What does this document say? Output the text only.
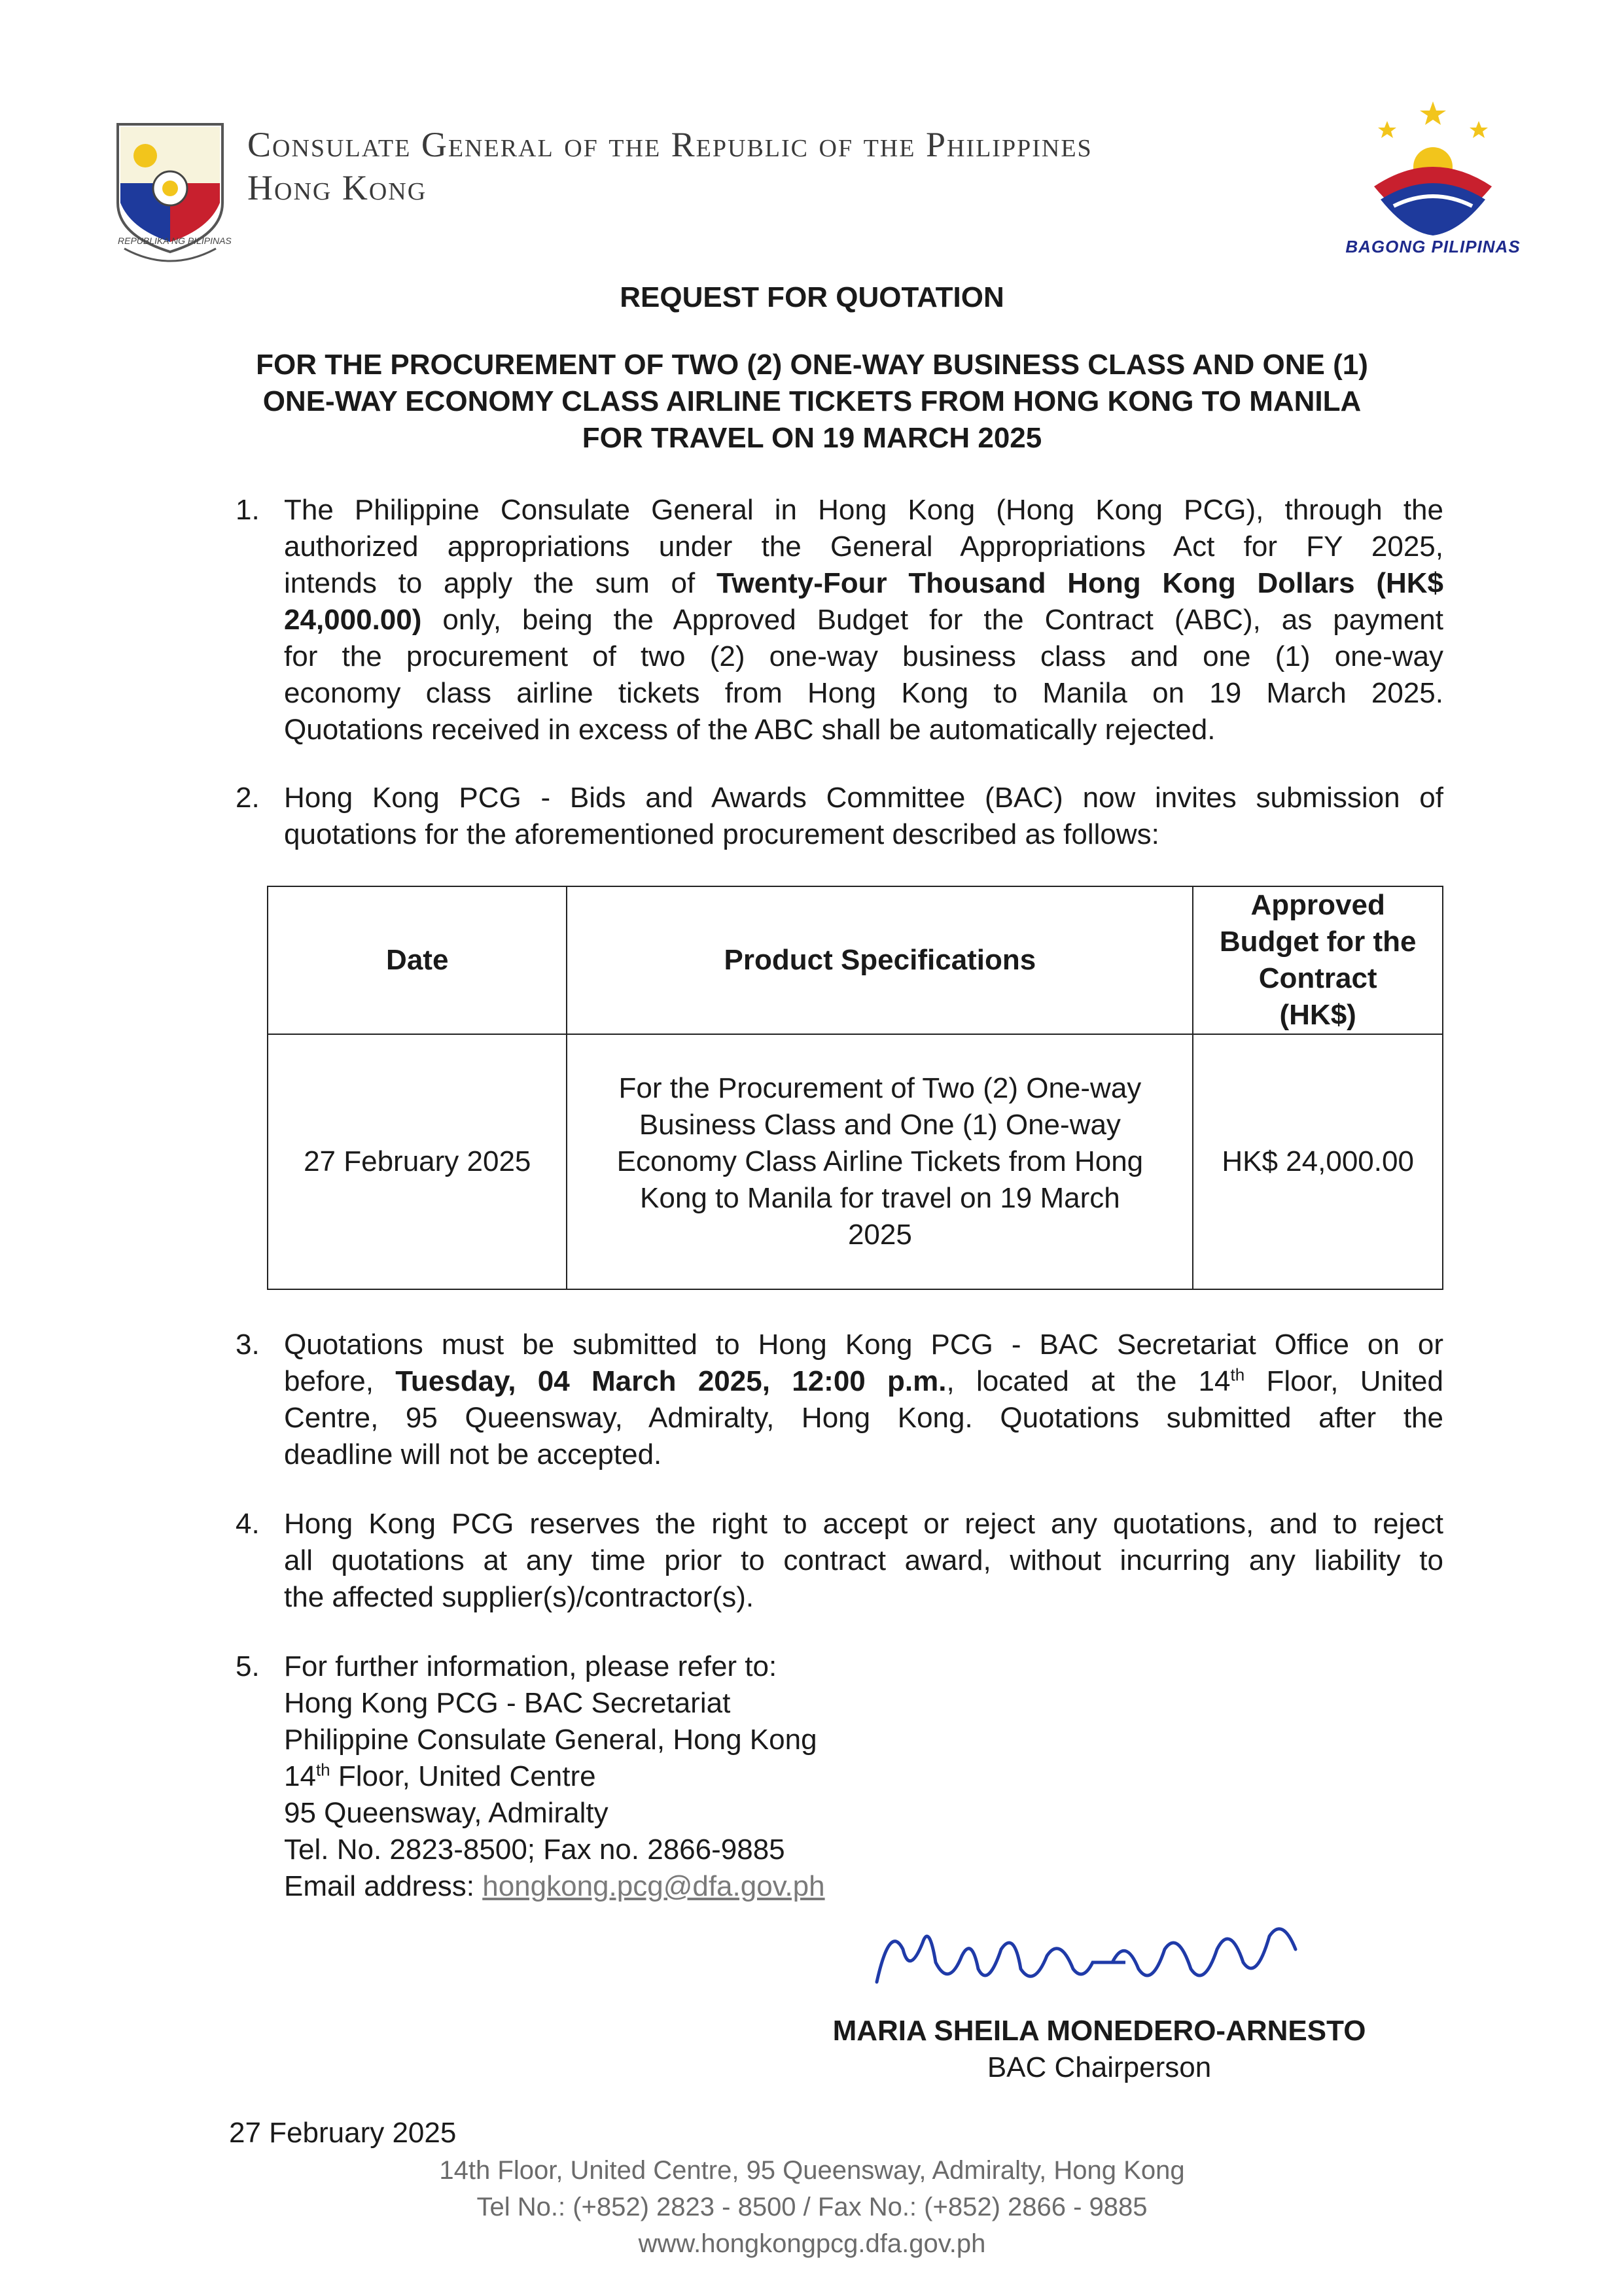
REPUBLIKA NG PILIPINAS
Consulate General of the Republic of the Philippines
Hong Kong
BAGONG PILIPINAS
REQUEST FOR QUOTATION
FOR THE PROCUREMENT OF TWO (2) ONE-WAY BUSINESS CLASS AND ONE (1)
ONE-WAY ECONOMY CLASS AIRLINE TICKETS FROM HONG KONG TO MANILA
FOR TRAVEL ON 19 MARCH 2025
1. The Philippine Consulate General in Hong Kong (Hong Kong PCG), through the
authorized appropriations under the General Appropriations Act for FY 2025,
intends to apply the sum of Twenty-Four Thousand Hong Kong Dollars (HK$
24,000.00) only, being the Approved Budget for the Contract (ABC), as payment
for the procurement of two (2) one-way business class and one (1) one-way
economy class airline tickets from Hong Kong to Manila on 19 March 2025.
Quotations received in excess of the ABC shall be automatically rejected.
2. Hong Kong PCG - Bids and Awards Committee (BAC) now invites submission of
quotations for the aforementioned procurement described as follows:
Date	Product Specifications	Approved
Budget for the
Contract
(HK$)

27 February 2025	For the Procurement of Two (2) One-way
Business Class and One (1) One-way
Economy Class Airline Tickets from Hong
Kong to Manila for travel on 19 March
2025	HK$ 24,000.00
3. Quotations must be submitted to Hong Kong PCG - BAC Secretariat Office on or
before, Tuesday, 04 March 2025, 12:00 p.m., located at the 14th Floor, United
Centre, 95 Queensway, Admiralty, Hong Kong. Quotations submitted after the
deadline will not be accepted.
4. Hong Kong PCG reserves the right to accept or reject any quotations, and to reject
all quotations at any time prior to contract award, without incurring any liability to
the affected supplier(s)/contractor(s).
5. For further information, please refer to:
Hong Kong PCG - BAC Secretariat
Philippine Consulate General, Hong Kong
14th Floor, United Centre
95 Queensway, Admiralty
Tel. No. 2823-8500; Fax no. 2866-9885
Email address: hongkong.pcg@dfa.gov.ph
MARIA SHEILA MONEDERO-ARNESTO
BAC Chairperson
27 February 2025
14th Floor, United Centre, 95 Queensway, Admiralty, Hong Kong
Tel No.: (+852) 2823 - 8500 / Fax No.: (+852) 2866 - 9885
www.hongkongpcg.dfa.gov.ph
